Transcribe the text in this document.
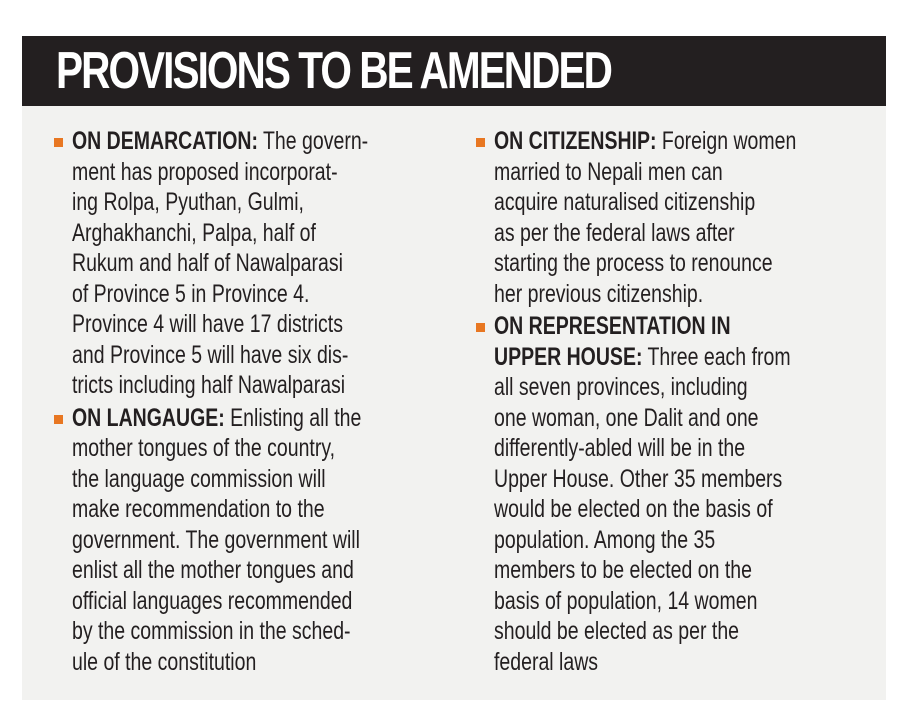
PROVISIONS TO BE AMENDED
ON DEMARCATION: The govern-
ment has proposed incorporat-
ing Rolpa, Pyuthan, Gulmi,
Arghakhanchi, Palpa, half of
Rukum and half of Nawalparasi
of Province 5 in Province 4.
Province 4 will have 17 districts
and Province 5 will have six dis-
tricts including half Nawalparasi
ON LANGAUGE: Enlisting all the
mother tongues of the country,
the language commission will
make recommendation to the
government. The government will
enlist all the mother tongues and
official languages recommended
by the commission in the sched-
ule of the constitution
ON CITIZENSHIP: Foreign women
married to Nepali men can
acquire naturalised citizenship
as per the federal laws after
starting the process to renounce
her previous citizenship.
ON REPRESENTATION IN
UPPER HOUSE: Three each from
all seven provinces, including
one woman, one Dalit and one
differently-abled will be in the
Upper House. Other 35 members
would be elected on the basis of
population. Among the 35
members to be elected on the
basis of population, 14 women
should be elected as per the
federal laws
